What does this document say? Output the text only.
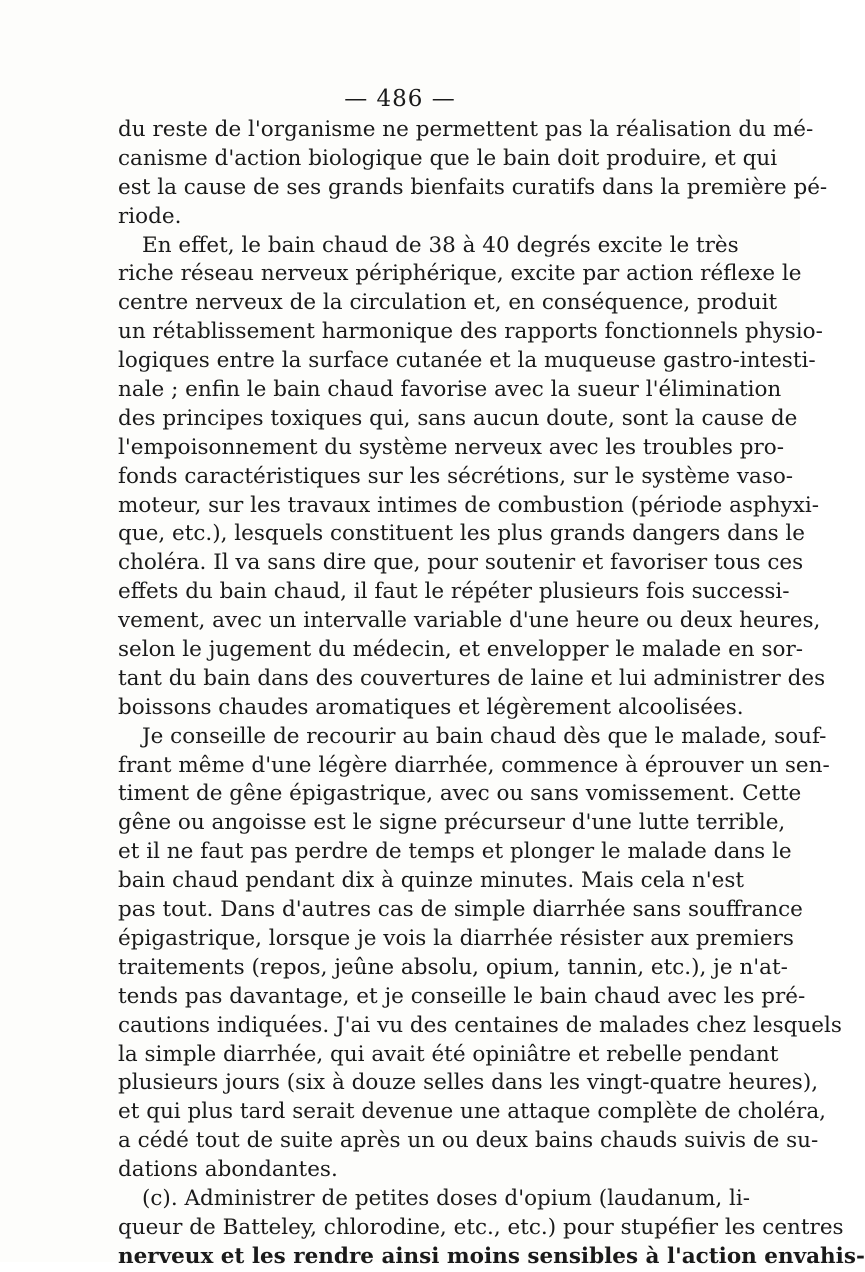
— 486 —
du reste de l'organisme ne permettent pas la réalisation du mé-
canisme d'action biologique que le bain doit produire, et qui
est la cause de ses grands bienfaits curatifs dans la première pé-
riode.
En effet, le bain chaud de 38 à 40 degrés excite le très
riche réseau nerveux périphérique, excite par action réflexe le
centre nerveux de la circulation et, en conséquence, produit
un rétablissement harmonique des rapports fonctionnels physio-
logiques entre la surface cutanée et la muqueuse gastro-intesti-
nale ; enfin le bain chaud favorise avec la sueur l'élimination
des principes toxiques qui, sans aucun doute, sont la cause de
l'empoisonnement du système nerveux avec les troubles pro-
fonds caractéristiques sur les sécrétions, sur le système vaso-
moteur, sur les travaux intimes de combustion (période asphyxi-
que, etc.), lesquels constituent les plus grands dangers dans le
choléra. Il va sans dire que, pour soutenir et favoriser tous ces
effets du bain chaud, il faut le répéter plusieurs fois successi-
vement, avec un intervalle variable d'une heure ou deux heures,
selon le jugement du médecin, et envelopper le malade en sor-
tant du bain dans des couvertures de laine et lui administrer des
boissons chaudes aromatiques et légèrement alcoolisées.
Je conseille de recourir au bain chaud dès que le malade, souf-
frant même d'une légère diarrhée, commence à éprouver un sen-
timent de gêne épigastrique, avec ou sans vomissement. Cette
gêne ou angoisse est le signe précurseur d'une lutte terrible,
et il ne faut pas perdre de temps et plonger le malade dans le
bain chaud pendant dix à quinze minutes. Mais cela n'est
pas tout. Dans d'autres cas de simple diarrhée sans souffrance
épigastrique, lorsque je vois la diarrhée résister aux premiers
traitements (repos, jeûne absolu, opium, tannin, etc.), je n'at-
tends pas davantage, et je conseille le bain chaud avec les pré-
cautions indiquées. J'ai vu des centaines de malades chez lesquels
la simple diarrhée, qui avait été opiniâtre et rebelle pendant
plusieurs jours (six à douze selles dans les vingt-quatre heures),
et qui plus tard serait devenue une attaque complète de choléra,
a cédé tout de suite après un ou deux bains chauds suivis de su-
dations abondantes.
(c). Administrer de petites doses d'opium (laudanum, li-
queur de Batteley, chlorodine, etc., etc.) pour stupéfier les centres
nerveux et les rendre ainsi moins sensibles à l'action envahis-
